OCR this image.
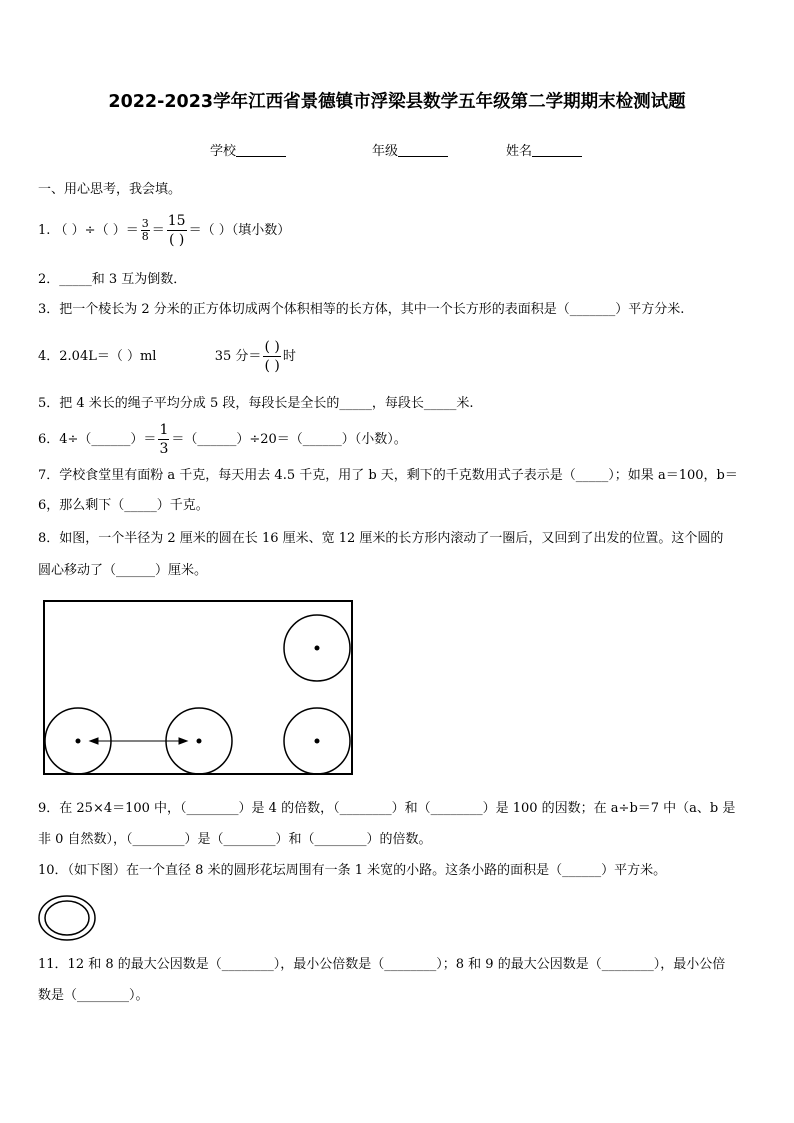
2022-2023学年江西省景德镇市浮梁县数学五年级第二学期期末检测试题
学校	年级	姓名
一、用心思考，我会填。
1. （ ）÷（ ）＝ $\frac{3}{8} = \frac{15}{( )}$ ＝（ ）（填小数）
2．_____和 3 互为倒数．
3．把一个棱长为 2 分米的正方体切成两个体积相等的长方体，其中一个长方形的表面积是（_______）平方分米.
4．2.04L＝（ ）ml	35 分＝ $\frac{( )}{( )}$ 时
5．把 4 米长的绳子平均分成 5 段，每段长是全长的_____，每段长_____米.
6．4÷（______）＝ $\frac{1}{3}$ ＝（______）÷20＝（______）（小数）。
7．学校食堂里有面粉 a 千克，每天用去 4.5 千克，用了 b 天，剩下的千克数用式子表示是（_____）；如果 a＝100，b＝
6，那么剩下（_____）千克。
8．如图，一个半径为 2 厘米的圆在长 16 厘米、宽 12 厘米的长方形内滚动了一圈后，又回到了出发的位置。这个圆的
圆心移动了（______）厘米。
9．在 25×4＝100 中，（________）是 4 的倍数，（________）和（________）是 100 的因数；在 a÷b＝7 中（a、b 是
非 0 自然数），（________）是（________）和（________）的倍数。
10．（如下图）在一个直径 8 米的圆形花坛周围有一条 1 米宽的小路。这条小路的面积是（______）平方米。
11．12 和 8 的最大公因数是（________），最小公倍数是（________）；8 和 9 的最大公因数是（________），最小公倍
数是（________）。
